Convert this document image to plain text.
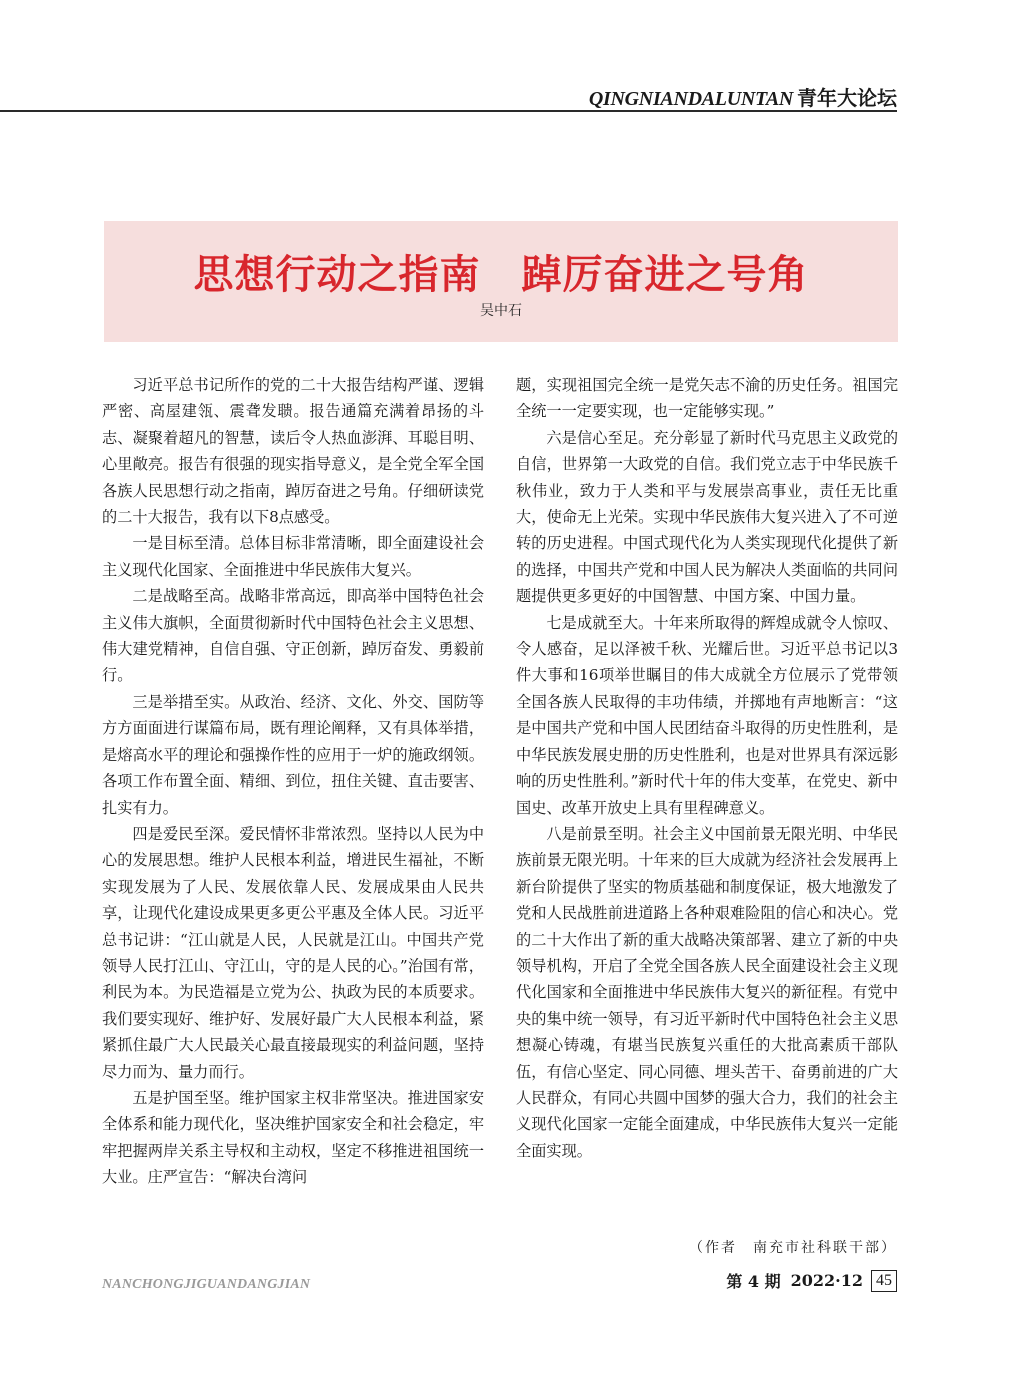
QINGNIANDALUNTAN 青年大论坛
思想行动之指南　踔厉奋进之号角
吴中石

习近平总书记所作的党的二十大报告结构严谨、逻辑严密、高屋建瓴、震聋发聩。报告通篇充满着昂扬的斗志、凝聚着超凡的智慧，读后令人热血澎湃、耳聪目明、心里敞亮。报告有很强的现实指导意义，是全党全军全国各族人民思想行动之指南，踔厉奋进之号角。仔细研读党的二十大报告，我有以下8点感受。

一是目标至清。总体目标非常清晰，即全面建设社会主义现代化国家、全面推进中华民族伟大复兴。

二是战略至高。战略非常高远，即高举中国特色社会主义伟大旗帜，全面贯彻新时代中国特色社会主义思想、伟大建党精神，自信自强、守正创新，踔厉奋发、勇毅前行。

三是举措至实。从政治、经济、文化、外交、国防等方方面面进行谋篇布局，既有理论阐释，又有具体举措，是熔高水平的理论和强操作性的应用于一炉的施政纲领。各项工作布置全面、精细、到位，扭住关键、直击要害、扎实有力。

四是爱民至深。爱民情怀非常浓烈。坚持以人民为中心的发展思想。维护人民根本利益，增进民生福祉，不断实现发展为了人民、发展依靠人民、发展成果由人民共享，让现代化建设成果更多更公平惠及全体人民。习近平总书记讲：“江山就是人民，人民就是江山。中国共产党领导人民打江山、守江山，守的是人民的心。”治国有常，利民为本。为民造福是立党为公、执政为民的本质要求。我们要实现好、维护好、发展好最广大人民根本利益，紧紧抓住最广大人民最关心最直接最现实的利益问题，坚持尽力而为、量力而行。

五是护国至坚。维护国家主权非常坚决。推进国家安全体系和能力现代化，坚决维护国家安全和社会稳定，牢牢把握两岸关系主导权和主动权，坚定不移推进祖国统一大业。庄严宣告：“解决台湾问

题，实现祖国完全统一是党矢志不渝的历史任务。祖国完全统一一定要实现，也一定能够实现。”

六是信心至足。充分彰显了新时代马克思主义政党的自信，世界第一大政党的自信。我们党立志于中华民族千秋伟业，致力于人类和平与发展崇高事业，责任无比重大，使命无上光荣。实现中华民族伟大复兴进入了不可逆转的历史进程。中国式现代化为人类实现现代化提供了新的选择，中国共产党和中国人民为解决人类面临的共同问题提供更多更好的中国智慧、中国方案、中国力量。

七是成就至大。十年来所取得的辉煌成就令人惊叹、令人感奋，足以泽被千秋、光耀后世。习近平总书记以3件大事和16项举世瞩目的伟大成就全方位展示了党带领全国各族人民取得的丰功伟绩，并掷地有声地断言：“这是中国共产党和中国人民团结奋斗取得的历史性胜利，是中华民族发展史册的历史性胜利，也是对世界具有深远影响的历史性胜利。”新时代十年的伟大变革，在党史、新中国史、改革开放史上具有里程碑意义。

八是前景至明。社会主义中国前景无限光明、中华民族前景无限光明。十年来的巨大成就为经济社会发展再上新台阶提供了坚实的物质基础和制度保证，极大地激发了党和人民战胜前进道路上各种艰难险阻的信心和决心。党的二十大作出了新的重大战略决策部署、建立了新的中央领导机构，开启了全党全国各族人民全面建设社会主义现代化国家和全面推进中华民族伟大复兴的新征程。有党中央的集中统一领导，有习近平新时代中国特色社会主义思想凝心铸魂，有堪当民族复兴重任的大批高素质干部队伍，有信心坚定、同心同德、埋头苦干、奋勇前进的广大人民群众，有同心共圆中国梦的强大合力，我们的社会主义现代化国家一定能全面建成，中华民族伟大复兴一定能全面实现。

（作者　南充市社科联干部）
NANCHONGJIGUANDANGJIAN	第 4 期 2022·12 45
